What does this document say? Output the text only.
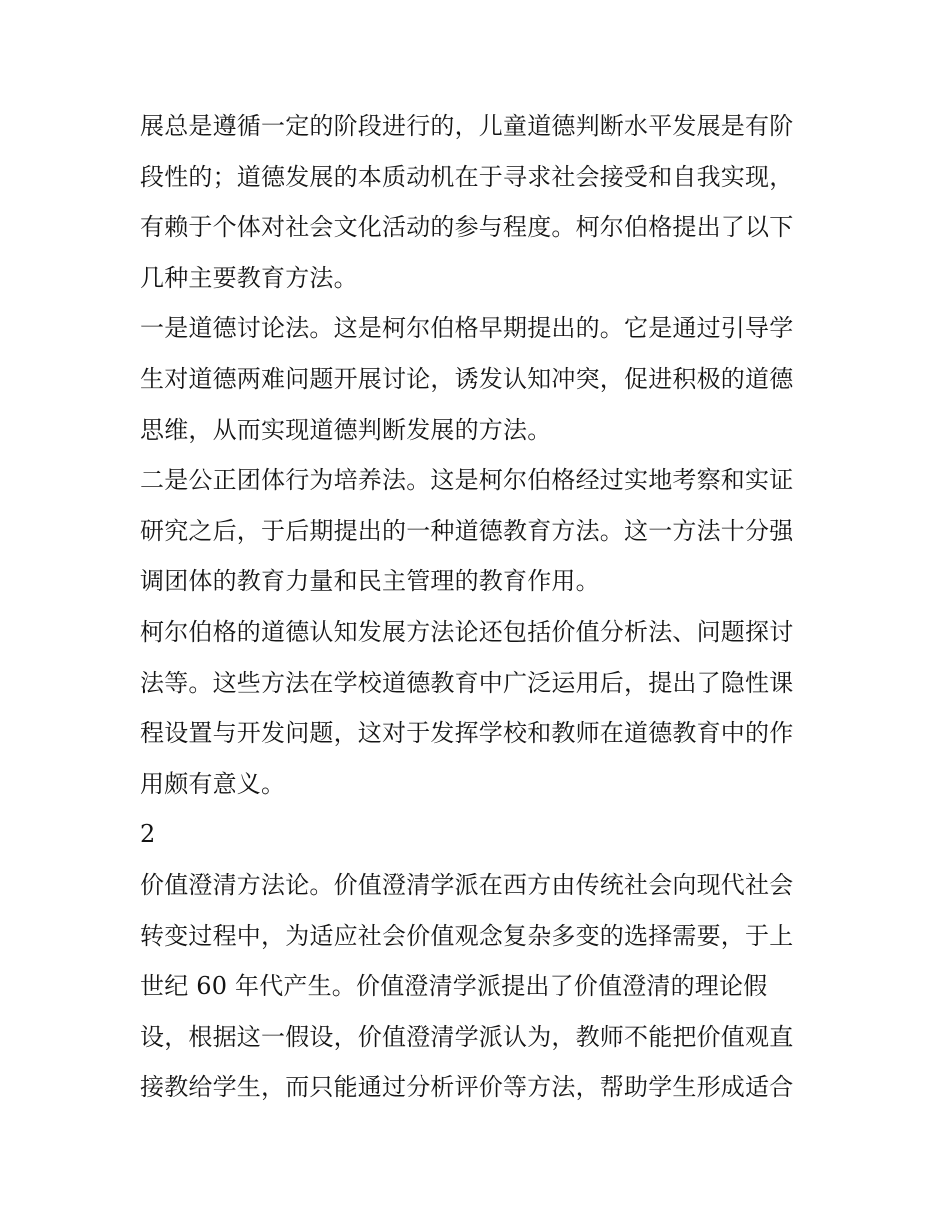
展总是遵循一定的阶段进行的，儿童道德判断水平发展是有阶
段性的；道德发展的本质动机在于寻求社会接受和自我实现，
有赖于个体对社会文化活动的参与程度。柯尔伯格提出了以下
几种主要教育方法。
一是道德讨论法。这是柯尔伯格早期提出的。它是通过引导学
生对道德两难问题开展讨论，诱发认知冲突，促进积极的道德
思维，从而实现道德判断发展的方法。
二是公正团体行为培养法。这是柯尔伯格经过实地考察和实证
研究之后，于后期提出的一种道德教育方法。这一方法十分强
调团体的教育力量和民主管理的教育作用。
柯尔伯格的道德认知发展方法论还包括价值分析法、问题探讨
法等。这些方法在学校道德教育中广泛运用后，提出了隐性课
程设置与开发问题，这对于发挥学校和教师在道德教育中的作
用颇有意义。
2
价值澄清方法论。价值澄清学派在西方由传统社会向现代社会
转变过程中，为适应社会价值观念复杂多变的选择需要，于上
世纪 60 年代产生。价值澄清学派提出了价值澄清的理论假
设，根据这一假设，价值澄清学派认为，教师不能把价值观直
接教给学生，而只能通过分析评价等方法，帮助学生形成适合
